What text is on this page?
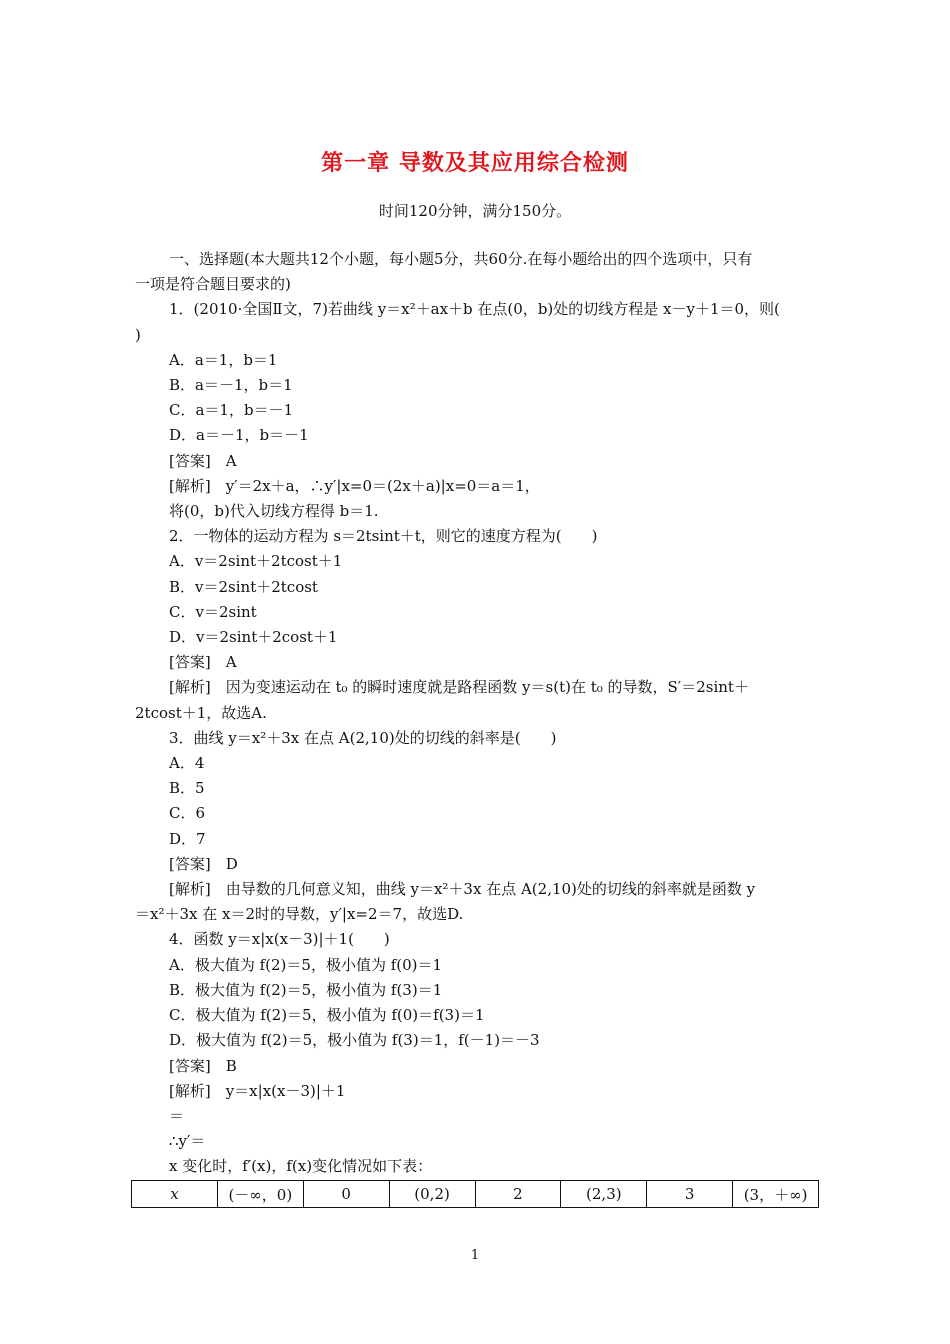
第一章 导数及其应用综合检测
时间120分钟，满分150分。
一、选择题(本大题共12个小题，每小题5分，共60分.在每小题给出的四个选项中，只有
一项是符合题目要求的)
1．(2010·全国Ⅱ文，7)若曲线 y＝x²＋ax＋b 在点(0，b)处的切线方程是 x－y＋1＝0，则(
)
A．a＝1，b＝1
B．a＝－1，b＝1
C．a＝1，b＝－1
D．a＝－1，b＝－1
[答案]　A
[解析]　y′＝2x＋a，∴y′|x=0＝(2x＋a)|x=0＝a＝1，
将(0，b)代入切线方程得 b＝1.
2．一物体的运动方程为 s＝2tsint＋t，则它的速度方程为(　　)
A．v＝2sint＋2tcost＋1
B．v＝2sint＋2tcost
C．v＝2sint
D．v＝2sint＋2cost＋1
[答案]　A
[解析]　因为变速运动在 t₀ 的瞬时速度就是路程函数 y＝s(t)在 t₀ 的导数，S′＝2sint＋
2tcost＋1，故选A.
3．曲线 y＝x²＋3x 在点 A(2,10)处的切线的斜率是(　　)
A．4
B．5
C．6
D．7
[答案]　D
[解析]　由导数的几何意义知，曲线 y＝x²＋3x 在点 A(2,10)处的切线的斜率就是函数 y
＝x²＋3x 在 x＝2时的导数，y′|x=2＝7，故选D.
4．函数 y＝x|x(x－3)|＋1(　　)
A．极大值为 f(2)＝5，极小值为 f(0)＝1
B．极大值为 f(2)＝5，极小值为 f(3)＝1
C．极大值为 f(2)＝5，极小值为 f(0)＝f(3)＝1
D．极大值为 f(2)＝5，极小值为 f(3)＝1，f(－1)＝－3
[答案]　B
[解析]　y＝x|x(x－3)|＋1
＝
∴y′＝
x 变化时，f′(x)，f(x)变化情况如下表：
x	(－∞，0)	0	(0,2)	2	(2,3)	3	(3，＋∞)
1
